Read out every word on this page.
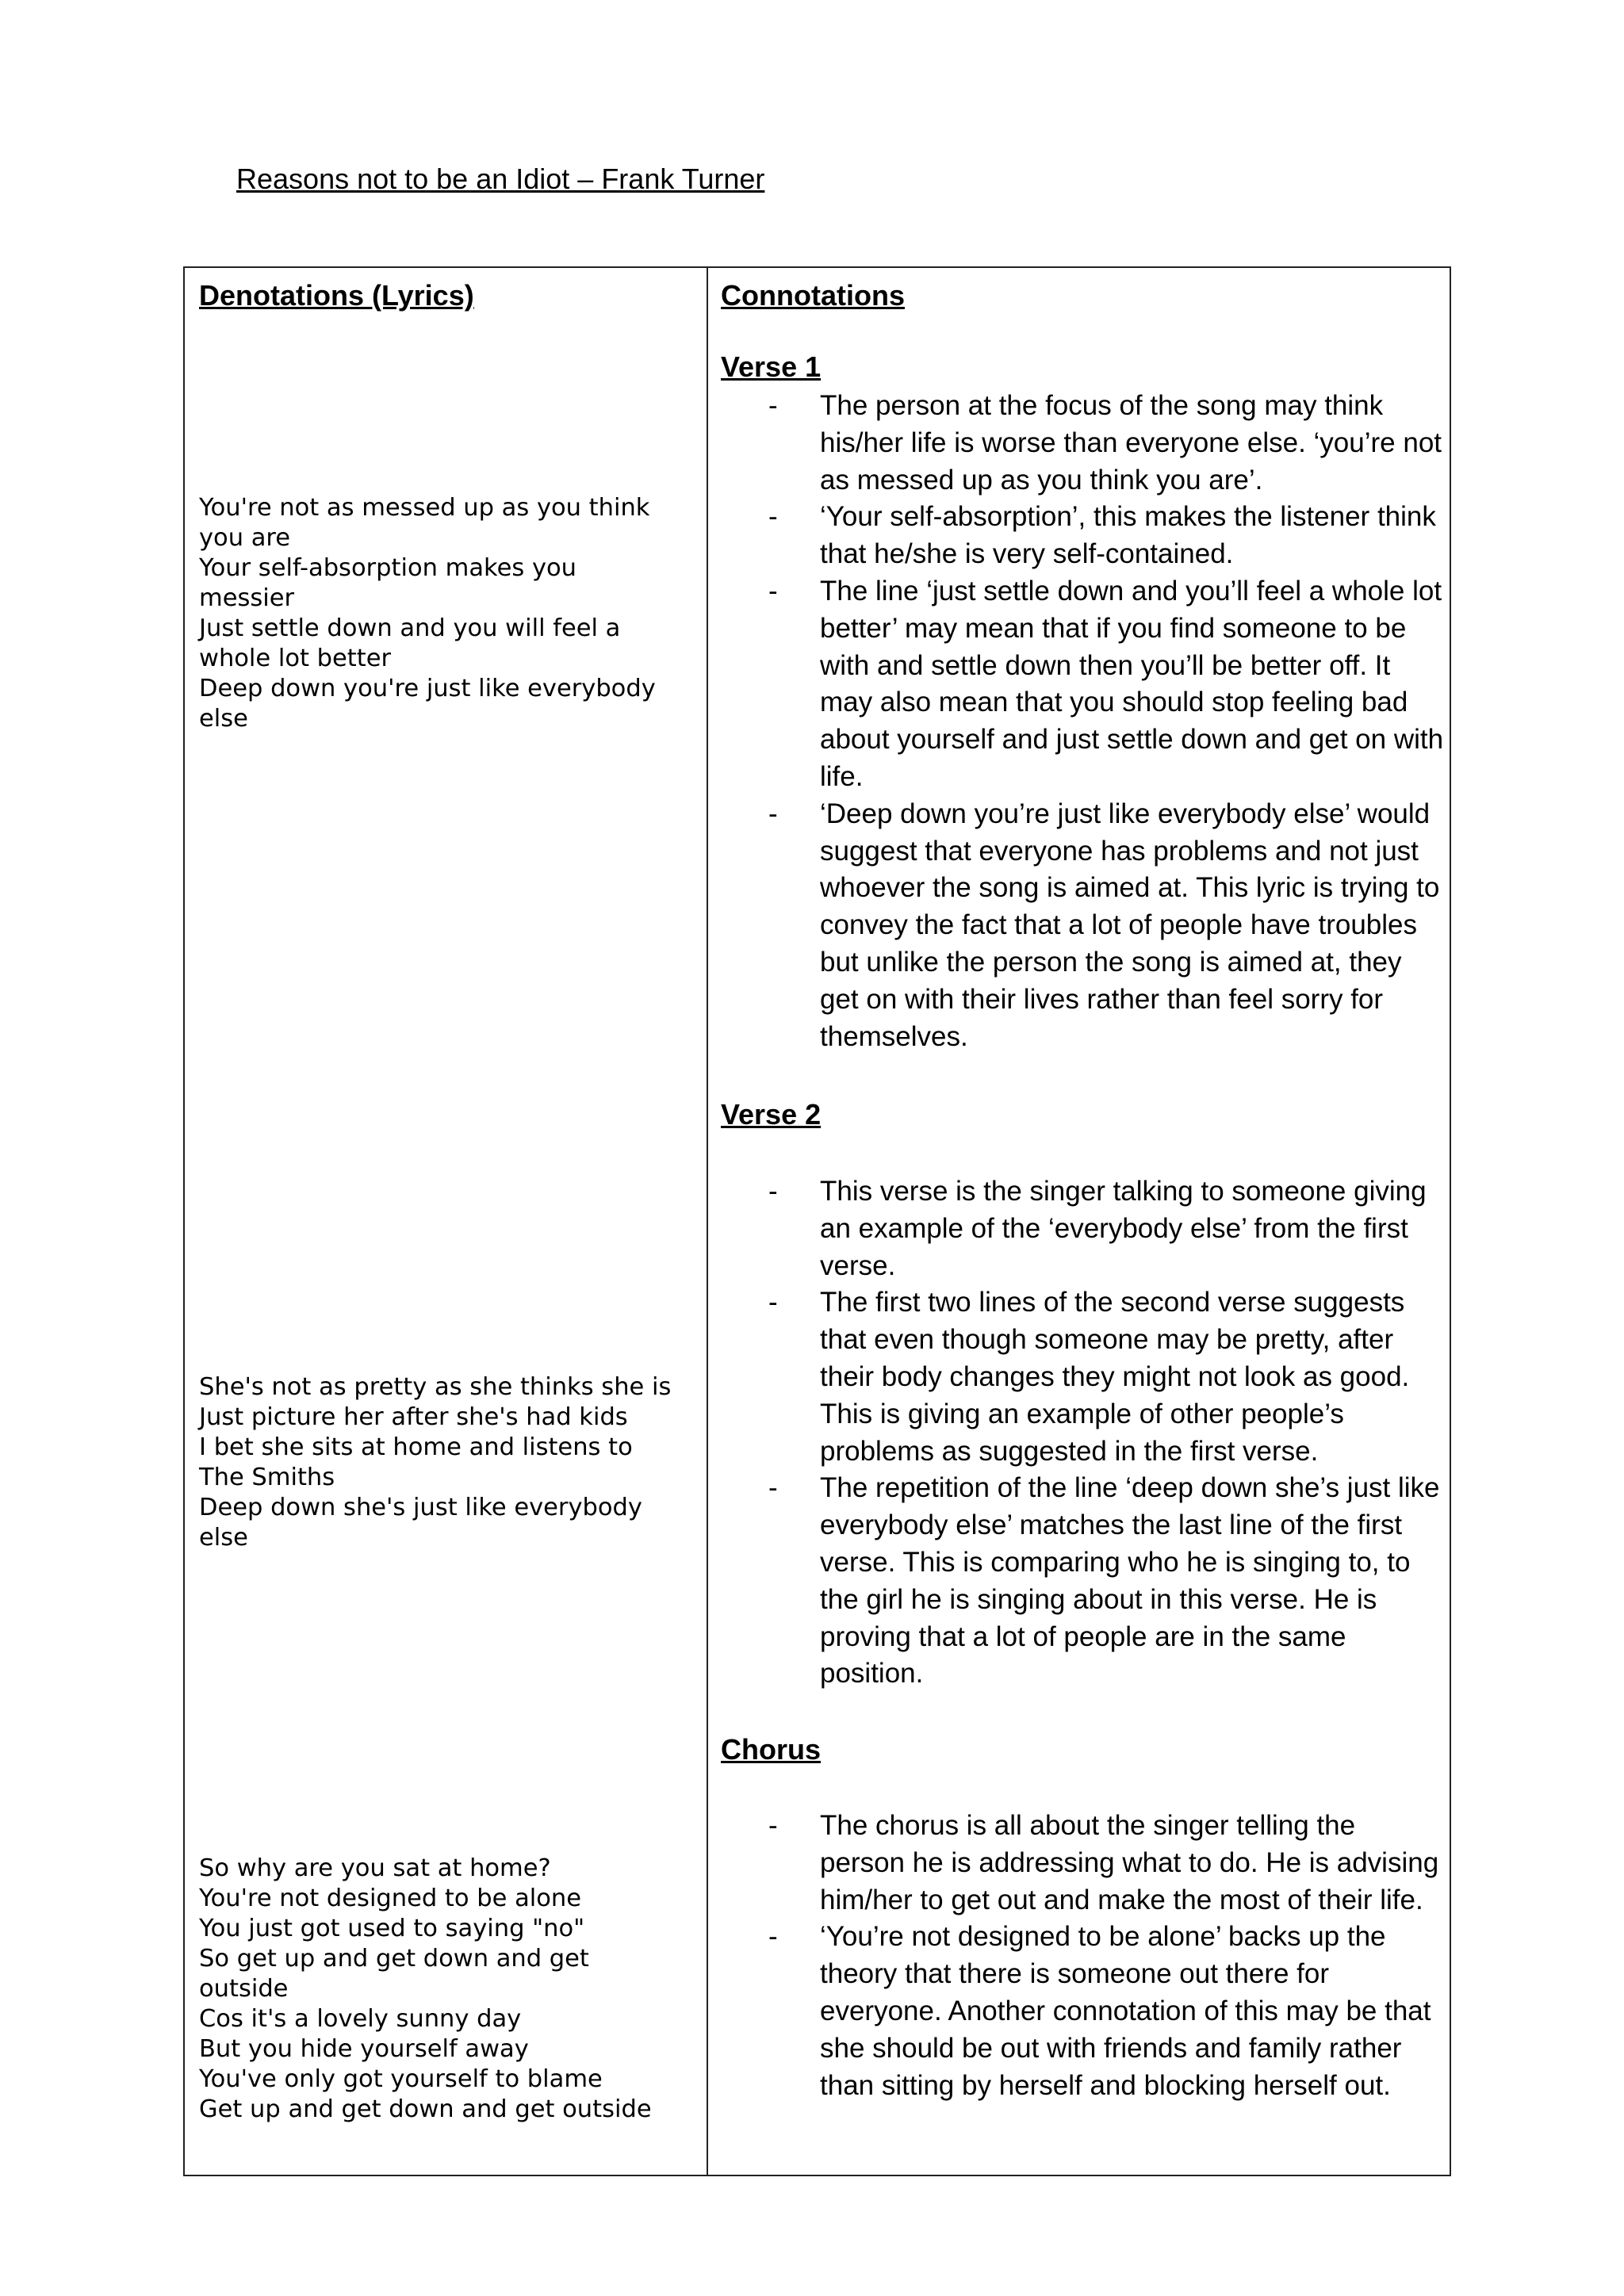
Reasons not to be an Idiot – Frank Turner
Denotations (Lyrics)	Connotations
You're not as messed up as you think
you are
Your self-absorption makes you
messier
Just settle down and you will feel a
whole lot better
Deep down you're just like everybody
else
She's not as pretty as she thinks she is
Just picture her after she's had kids
I bet she sits at home and listens to
The Smiths
Deep down she's just like everybody
else
So why are you sat at home?
You're not designed to be alone
You just got used to saying "no"
So get up and get down and get
outside
Cos it's a lovely sunny day
But you hide yourself away
You've only got yourself to blame
Get up and get down and get outside
Verse 1
- The person at the focus of the song may think his/her life is worse than everyone else. ‘you’re not as messed up as you think you are’.
- ‘Your self-absorption’, this makes the listener think that he/she is very self-contained.
- The line ‘just settle down and you’ll feel a whole lot better’ may mean that if you find someone to be with and settle down then you’ll be better off. It may also mean that you should stop feeling bad about yourself and just settle down and get on with life.
- ‘Deep down you’re just like everybody else’ would suggest that everyone has problems and not just whoever the song is aimed at. This lyric is trying to convey the fact that a lot of people have troubles but unlike the person the song is aimed at, they get on with their lives rather than feel sorry for themselves.
Verse 2
- This verse is the singer talking to someone giving an example of the ‘everybody else’ from the first verse.
- The first two lines of the second verse suggests that even though someone may be pretty, after their body changes they might not look as good. This is giving an example of other people’s problems as suggested in the first verse.
- The repetition of the line ‘deep down she’s just like everybody else’ matches the last line of the first verse. This is comparing who he is singing to, to the girl he is singing about in this verse. He is proving that a lot of people are in the same position.
Chorus
- The chorus is all about the singer telling the person he is addressing what to do. He is advising him/her to get out and make the most of their life.
- ‘You’re not designed to be alone’ backs up the theory that there is someone out there for everyone. Another connotation of this may be that she should be out with friends and family rather than sitting by herself and blocking herself out.
